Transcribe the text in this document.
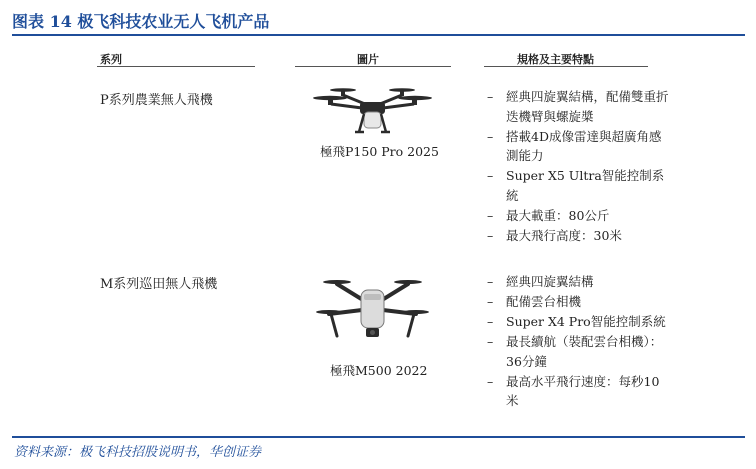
图表 14 极飞科技农业无人飞机产品
系列	圖片	規格及主要特點
P系列農業無人飛機
極飛P150 Pro 2025
– 經典四旋翼結構，配備雙重折迭機臂與螺旋槳
– 搭載4D成像雷達與超廣角感測能力
– Super X5 Ultra智能控制系統
– 最大載重：80公斤
– 最大飛行高度：30米
M系列巡田無人飛機
極飛M500 2022
– 經典四旋翼結構
– 配備雲台相機
– Super X4 Pro智能控制系統
– 最長續航（裝配雲台相機）：36分鐘
– 最高水平飛行速度：每秒10米
资料来源：极飞科技招股说明书，华创证券
